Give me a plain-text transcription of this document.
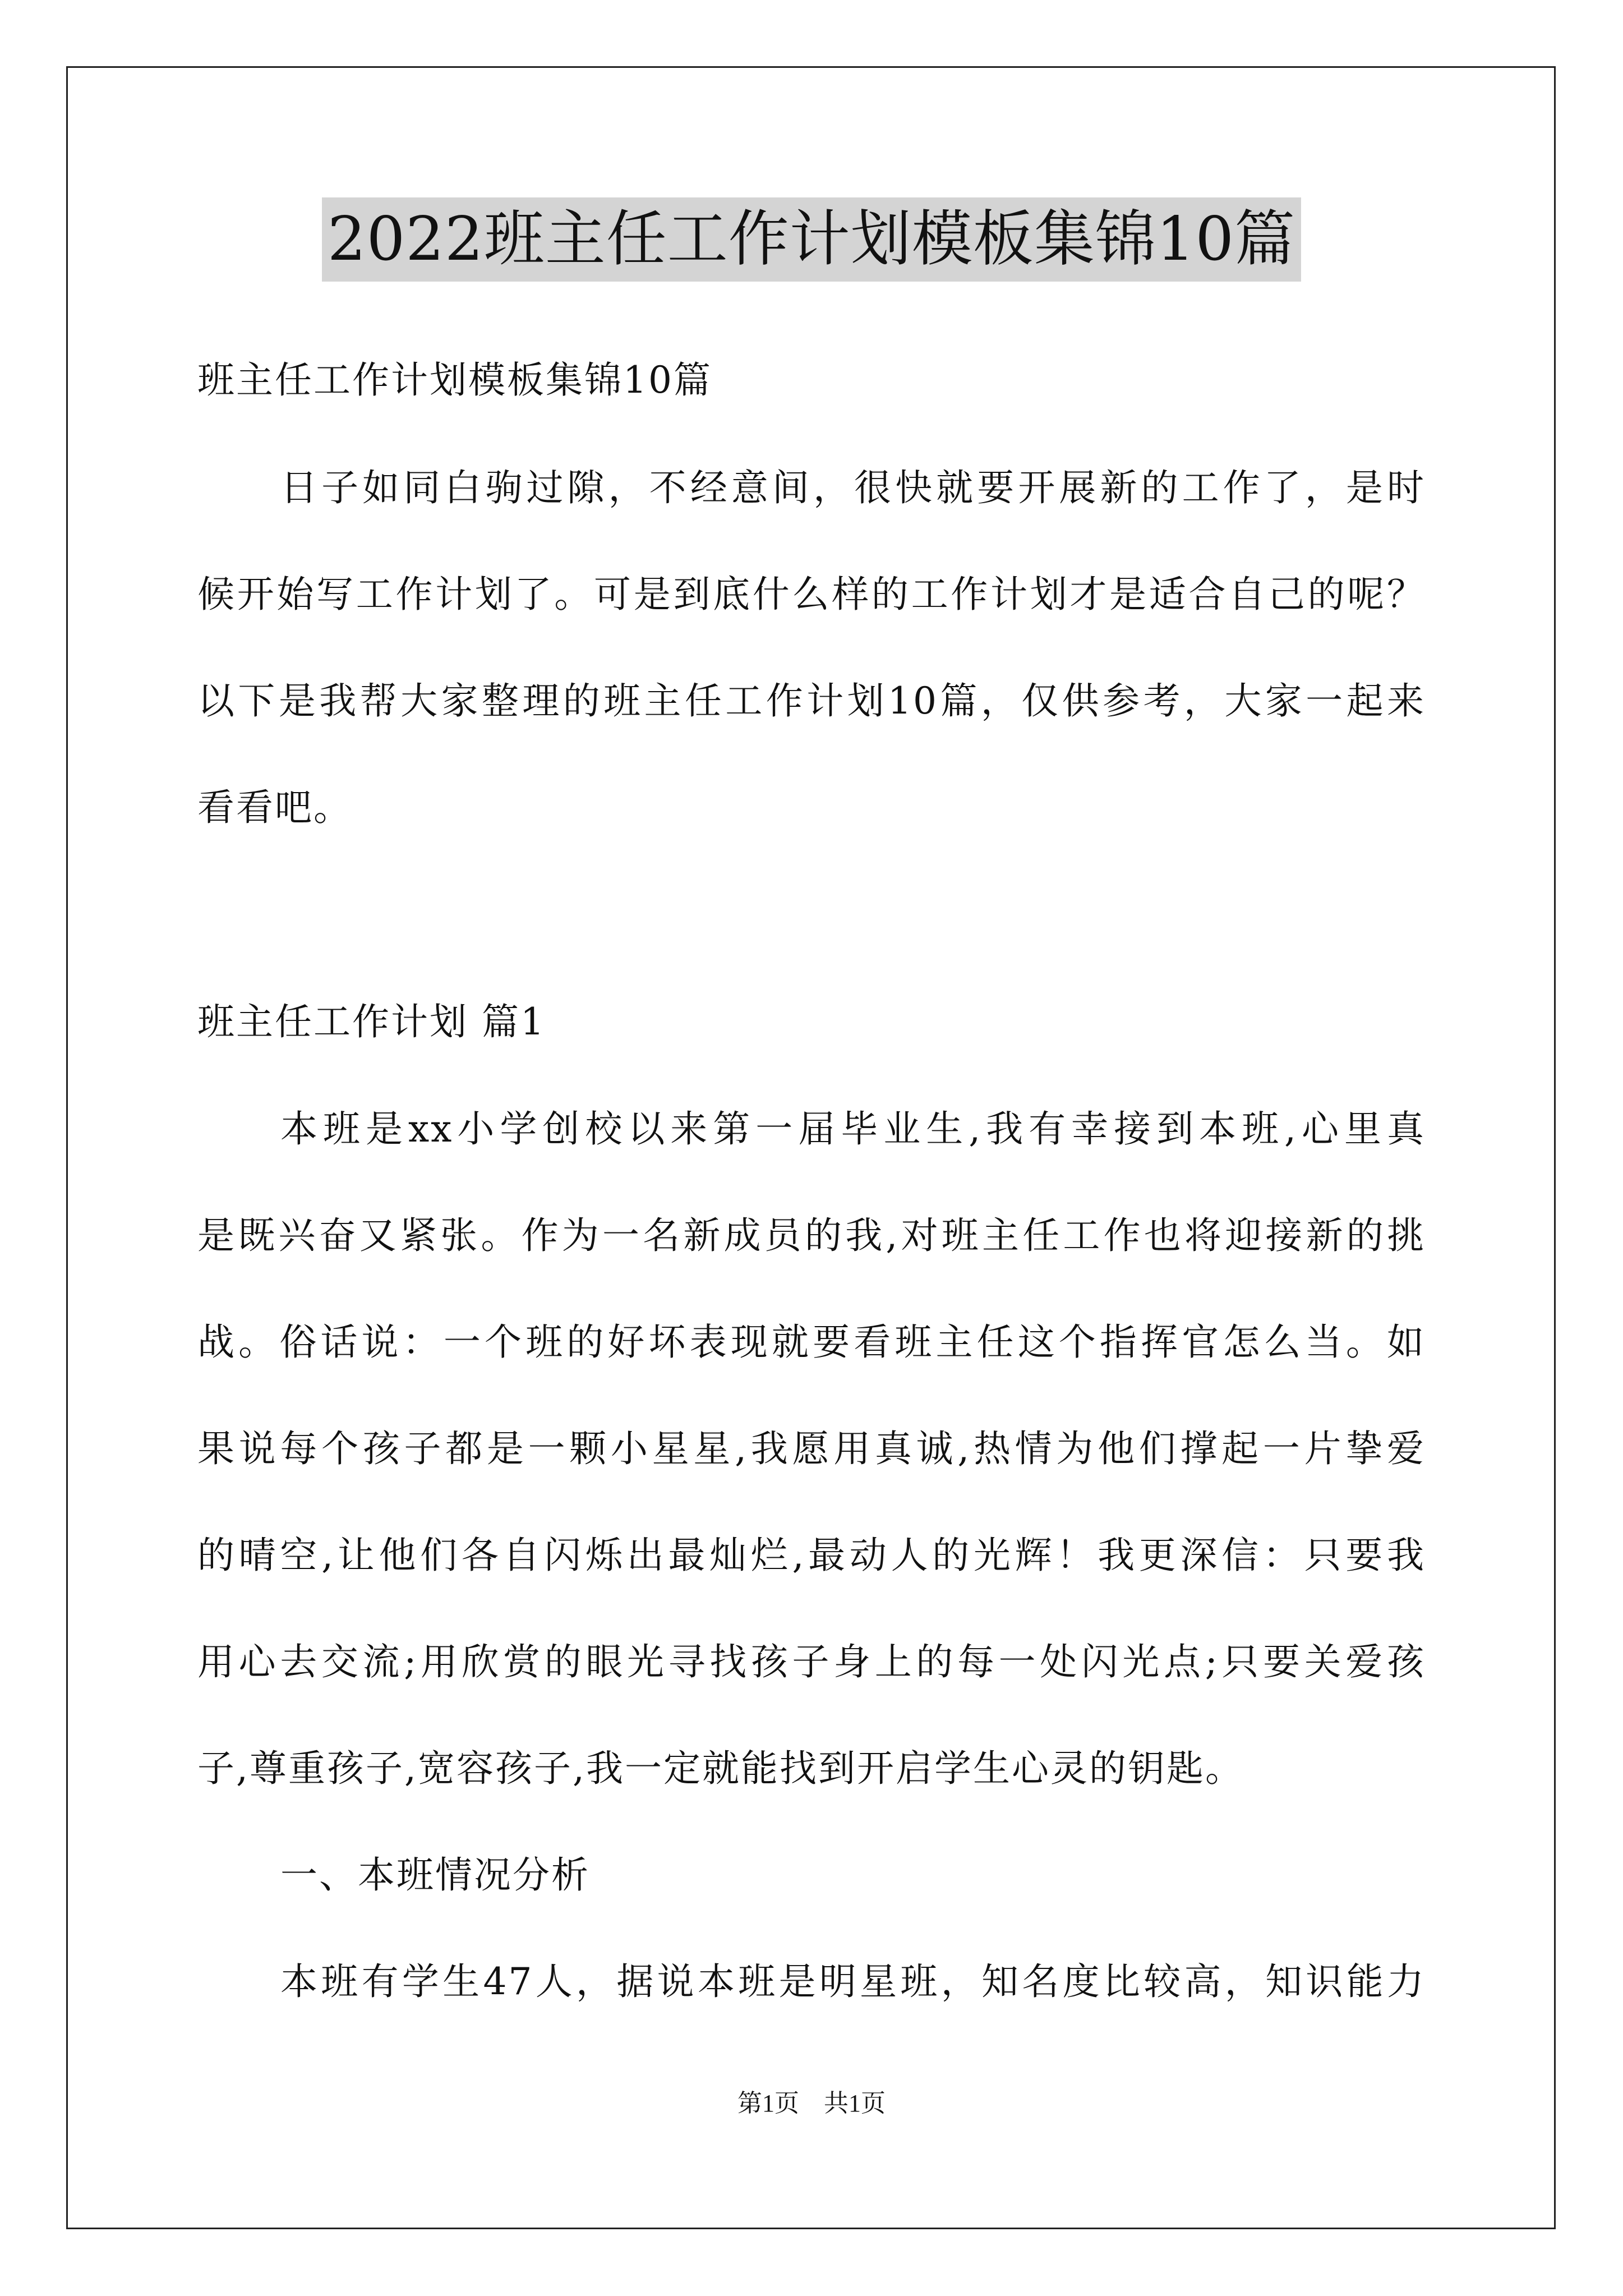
2022班主任工作计划模板集锦10篇
班主任工作计划模板集锦10篇
日子如同白驹过隙，不经意间，很快就要开展新的工作了，是时
候开始写工作计划了。可是到底什么样的工作计划才是适合自己的呢？
以下是我帮大家整理的班主任工作计划10篇，仅供参考，大家一起来
看看吧。
班主任工作计划 篇1
本班是xx小学创校以来第一届毕业生,我有幸接到本班,心里真
是既兴奋又紧张。作为一名新成员的我,对班主任工作也将迎接新的挑
战。俗话说：一个班的好坏表现就要看班主任这个指挥官怎么当。如
果说每个孩子都是一颗小星星,我愿用真诚,热情为他们撑起一片挚爱
的晴空,让他们各自闪烁出最灿烂,最动人的光辉！我更深信：只要我
用心去交流;用欣赏的眼光寻找孩子身上的每一处闪光点;只要关爱孩
子,尊重孩子,宽容孩子,我一定就能找到开启学生心灵的钥匙。
一、本班情况分析
本班有学生47人，据说本班是明星班，知名度比较高，知识能力
第1页　共1页
